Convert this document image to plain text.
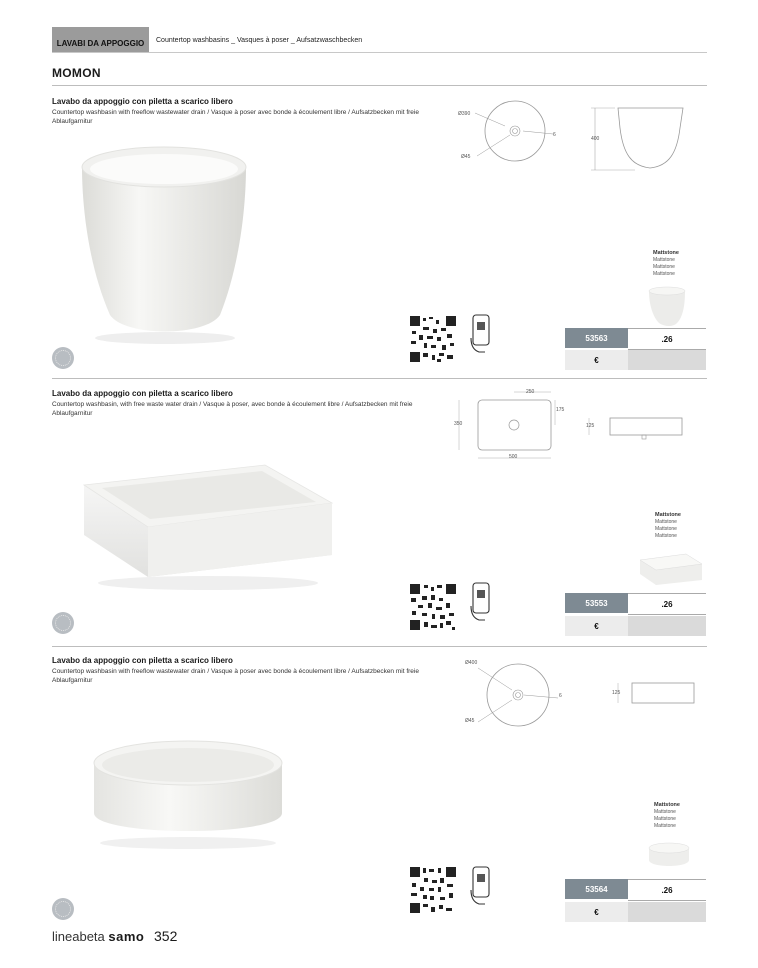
LAVABI DA APPOGGIO	Countertop washbasins _ Vasques à poser _ Aufsatzwaschbecken
MOMON
Lavabo da appoggio con piletta a scarico libero
Countertop washbasin with freeflow wastewater drain / Vasque à poser avec bonde à écoulement libre / Aufsatzbecken mit freie Ablaufgarnitur
Ø390
Ø45
6
400
Mattstone
Mattstone
Mattstone
Mattstone
53563	.26
€
Lavabo da appoggio con piletta a scarico libero
Countertop washbasin, with free waste water drain / Vasque à poser, avec bonde à écoulement libre / Aufsatzbecken mit freie Ablaufgarnitur
250
350
175
500
125
Mattstone
Mattstone
Mattstone
Mattstone
53553	.26
€
Lavabo da appoggio con piletta a scarico libero
Countertop washbasin with freeflow wastewater drain / Vasque à poser avec bonde à écoulement libre / Aufsatzbecken mit freie Ablaufgarnitur
Ø400
Ø45
6	125
Mattstone
Mattstone
Mattstone
Mattstone
53564	.26
€
lineabeta samo 352
